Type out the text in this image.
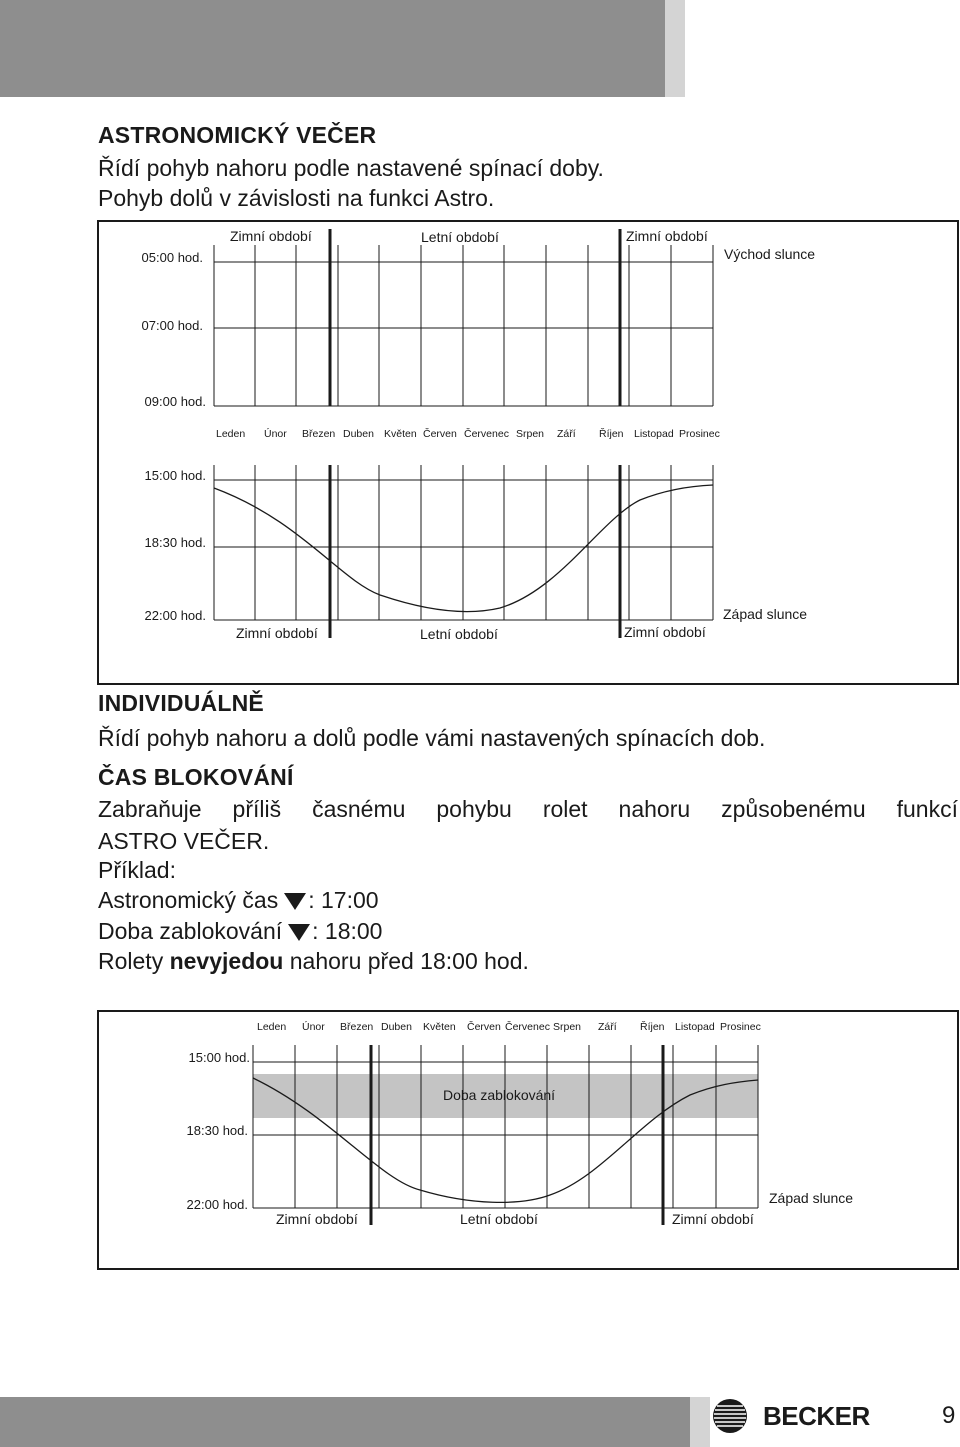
ASTRONOMICKÝ VEČER
Řídí pohyb nahoru podle nastavené spínací doby.
Pohyb dolů v závislosti na funkci Astro.
Zimní období	Letní období	Zimní období
Východ slunce
05:00 hod.
07:00 hod.
09:00 hod.
15:00 hod.
18:30 hod.
22:00 hod.	Západ slunce
Zimní období	Letní období	Zimní období
Leden Únor Březen Duben Květen Červen Červenec Srpen Září Říjen Listopad Prosinec
INDIVIDUÁLNĚ
Řídí pohyb nahoru a dolů podle vámi nastavených spínacích dob.
ČAS BLOKOVÁNÍ
Zabraňuje příliš časnému pohybu rolet nahoru způsobenému funkcí
ASTRO VEČER.
Příklad:
Astronomický čas : 17:00
Doba zablokování : 18:00
Rolety nevyjedou nahoru před 18:00 hod.
Leden Únor Březen Duben Květen Červen Červenec Srpen Září Říjen Listopad Prosinec
15:00 hod.
18:30 hod.
22:00 hod.
Doba zablokování
Západ slunce
Zimní období	Letní období	Zimní období
BECKER	9
